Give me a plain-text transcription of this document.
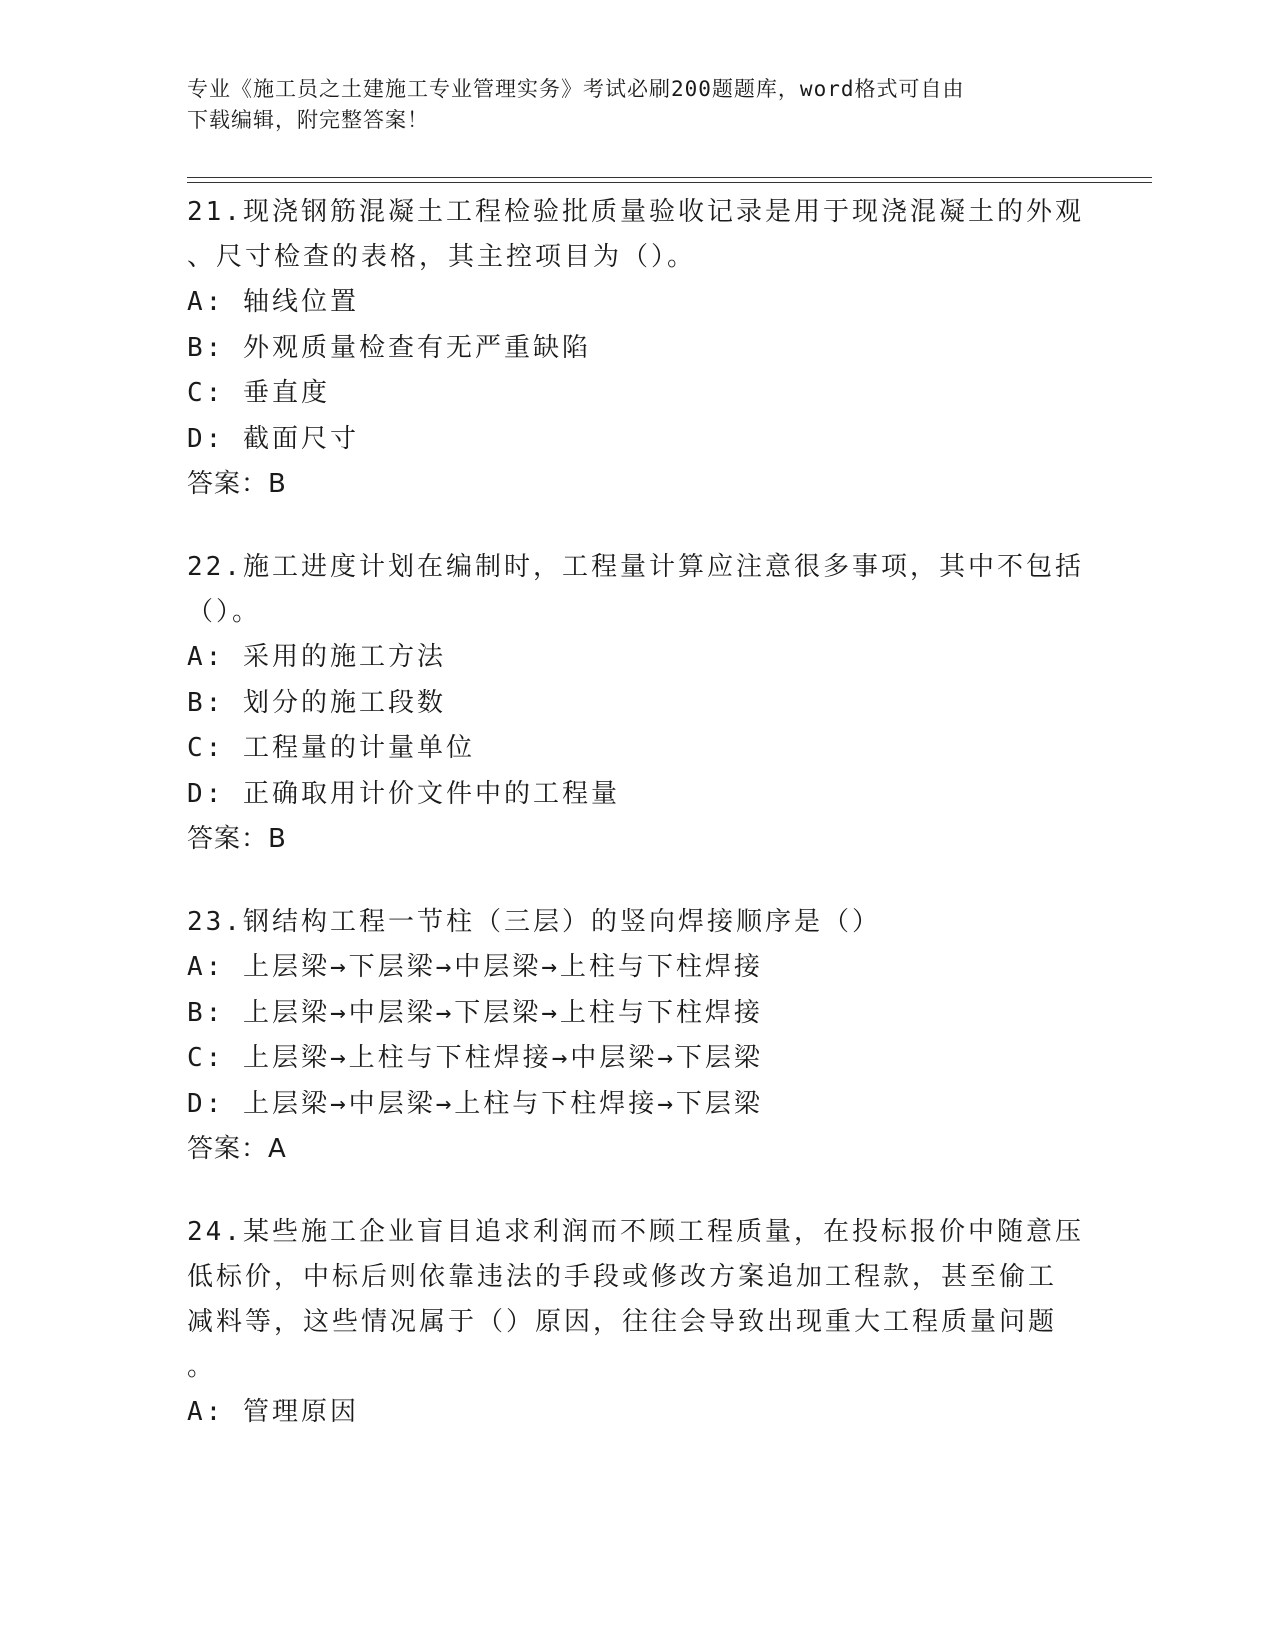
专业《施工员之土建施工专业管理实务》考试必刷200题题库，word格式可自由
下载编辑，附完整答案！
21.现浇钢筋混凝土工程检验批质量验收记录是用于现浇混凝土的外观
、尺寸检查的表格，其主控项目为（）。
A: 轴线位置
B: 外观质量检查有无严重缺陷
C: 垂直度
D: 截面尺寸
答案：B
22.施工进度计划在编制时，工程量计算应注意很多事项，其中不包括
（）。
A: 采用的施工方法
B: 划分的施工段数
C: 工程量的计量单位
D: 正确取用计价文件中的工程量
答案：B
23.钢结构工程一节柱（三层）的竖向焊接顺序是（）
A: 上层梁→下层梁→中层梁→上柱与下柱焊接
B: 上层梁→中层梁→下层梁→上柱与下柱焊接
C: 上层梁→上柱与下柱焊接→中层梁→下层梁
D: 上层梁→中层梁→上柱与下柱焊接→下层梁
答案：A
24.某些施工企业盲目追求利润而不顾工程质量，在投标报价中随意压
低标价，中标后则依靠违法的手段或修改方案追加工程款，甚至偷工
减料等，这些情况属于（）原因，往往会导致出现重大工程质量问题
。
A: 管理原因
